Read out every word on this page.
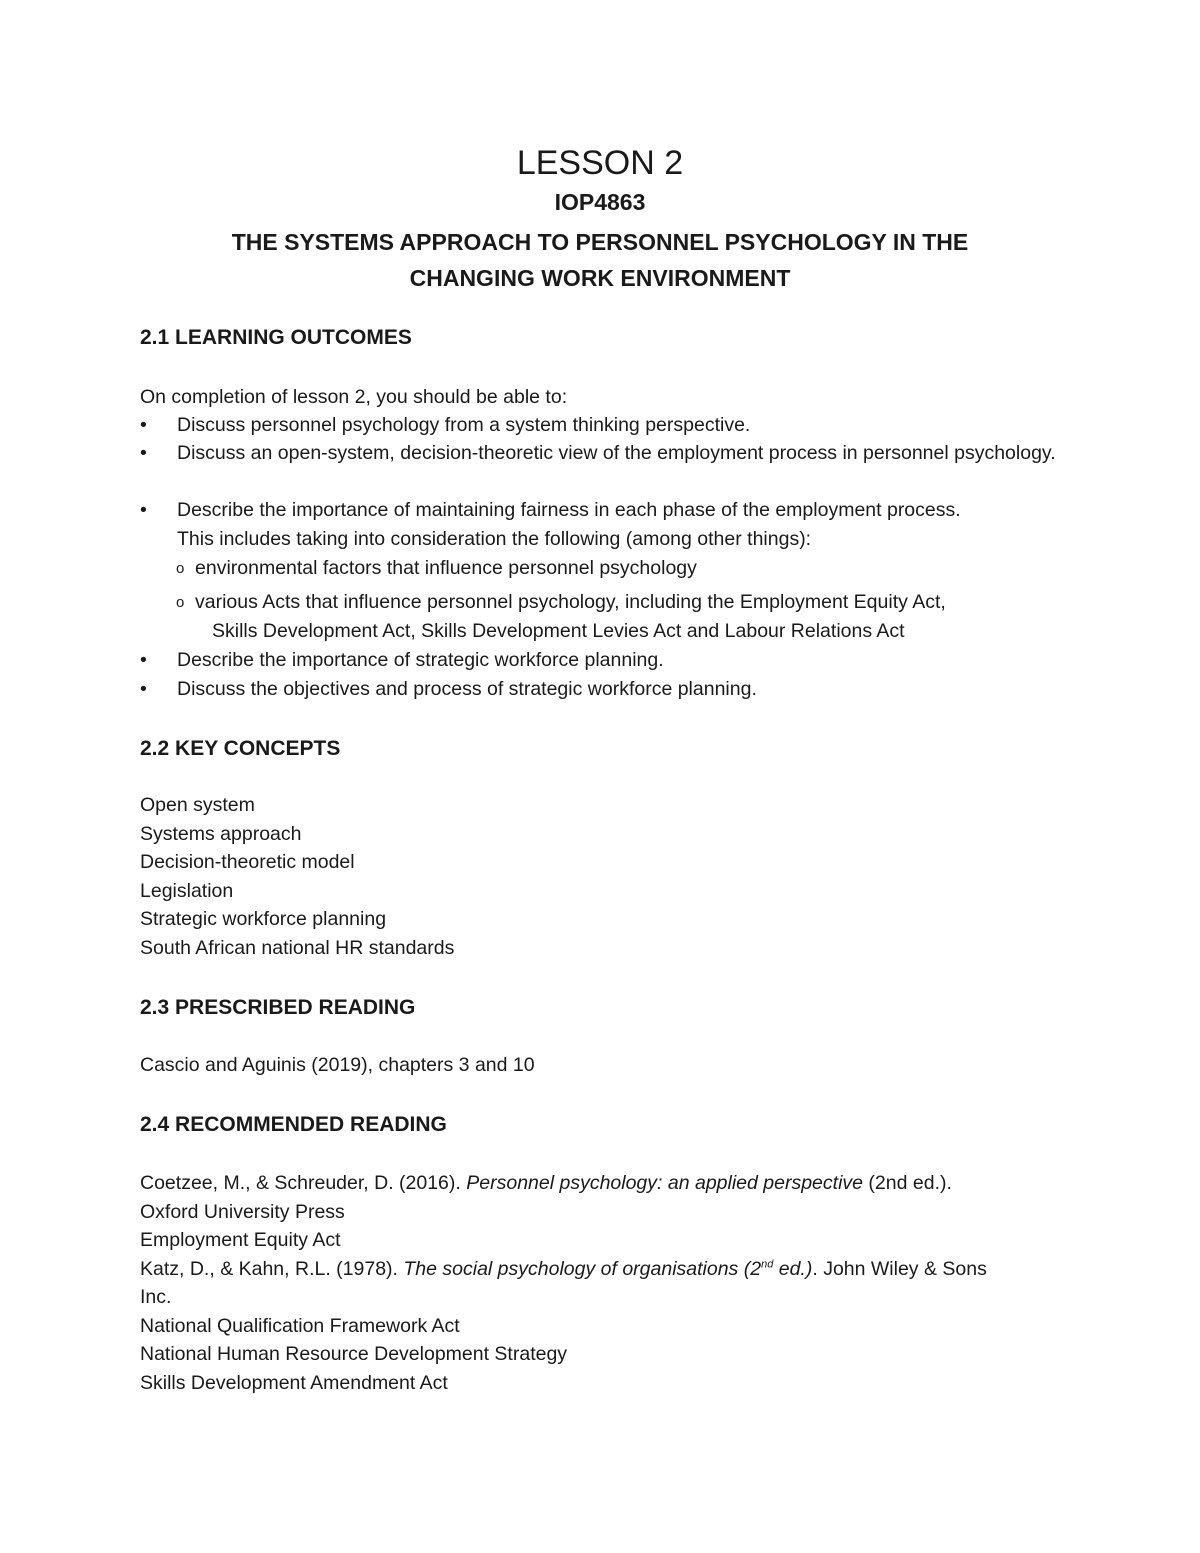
LESSON 2
IOP4863
THE SYSTEMS APPROACH TO PERSONNEL PSYCHOLOGY IN THE
CHANGING WORK ENVIRONMENT
2.1 LEARNING OUTCOMES
On completion of lesson 2, you should be able to:
• Discuss personnel psychology from a system thinking perspective.
• Discuss an open-system, decision-theoretic view of the employment process in personnel psychology.
• Describe the importance of maintaining fairness in each phase of the employment process.
This includes taking into consideration the following (among other things):
o environmental factors that influence personnel psychology
o various Acts that influence personnel psychology, including the Employment Equity Act,
Skills Development Act, Skills Development Levies Act and Labour Relations Act
• Describe the importance of strategic workforce planning.
• Discuss the objectives and process of strategic workforce planning.
2.2 KEY CONCEPTS
Open system
Systems approach
Decision-theoretic model
Legislation
Strategic workforce planning
South African national HR standards
2.3 PRESCRIBED READING
Cascio and Aguinis (2019), chapters 3 and 10
2.4 RECOMMENDED READING
Coetzee, M., & Schreuder, D. (2016). Personnel psychology: an applied perspective (2nd ed.).
Oxford University Press
Employment Equity Act
Katz, D., & Kahn, R.L. (1978). The social psychology of organisations (2nd ed.). John Wiley & Sons
Inc.
National Qualification Framework Act
National Human Resource Development Strategy
Skills Development Amendment Act
